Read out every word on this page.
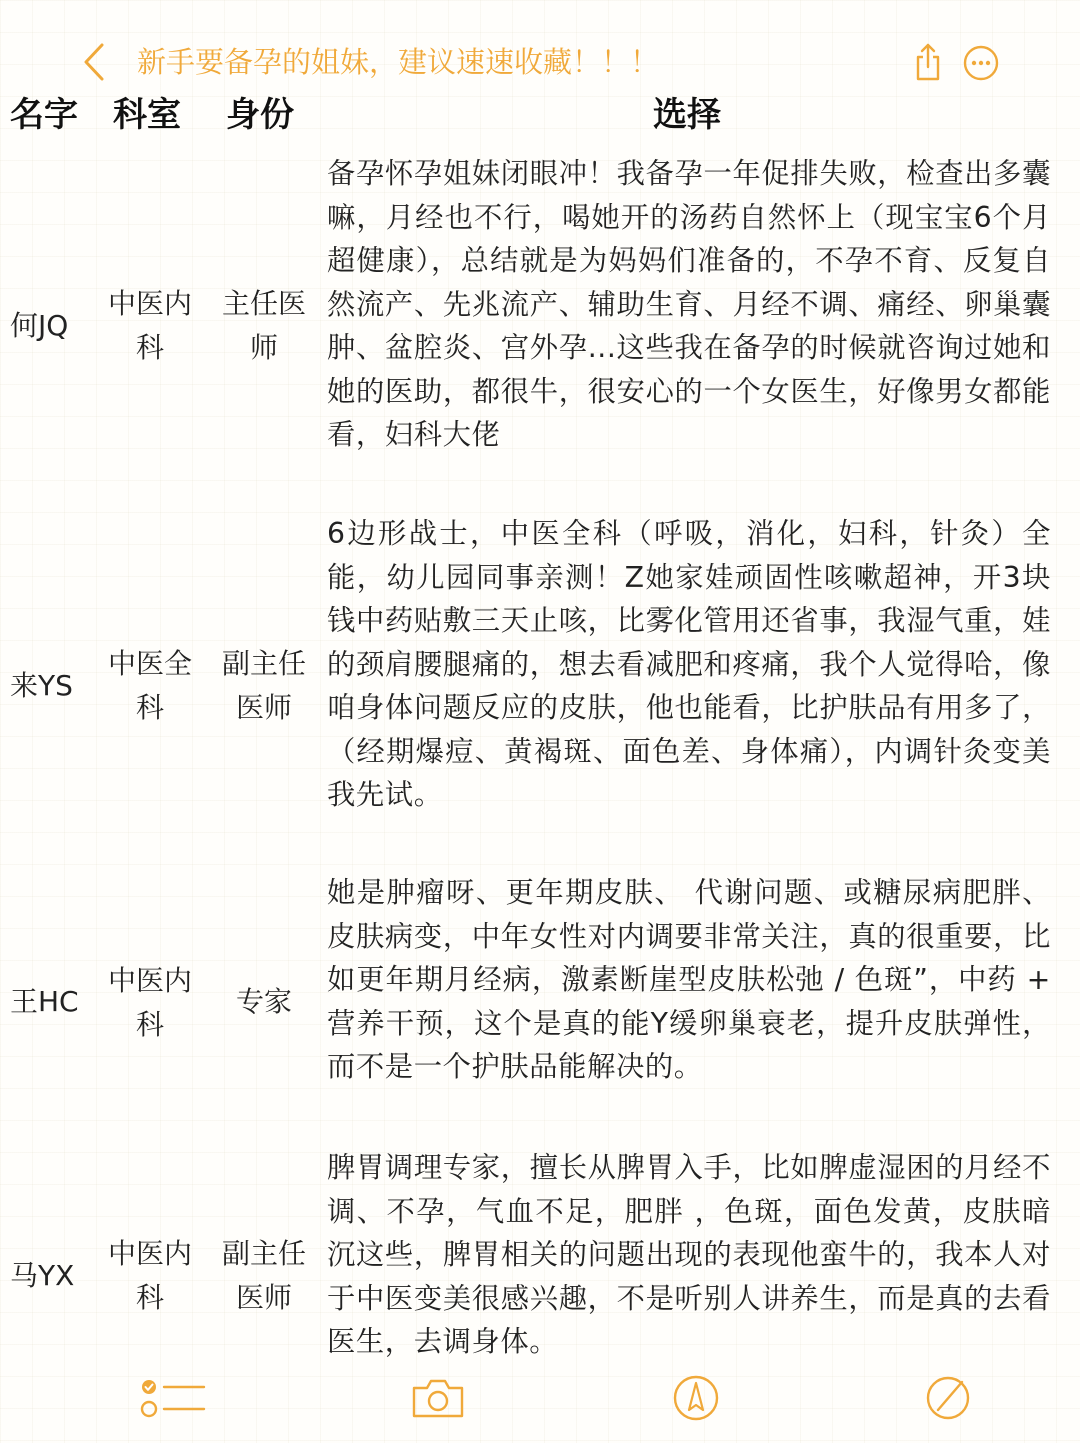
新手要备孕的姐妹，建议速速收藏！！！
名字 科室 身份	选择
何JQ
中医内科
主任医师
备孕怀孕姐妹闭眼冲！我备孕一年促排失败，检查出多囊嘛，月经也不行，喝她开的汤药自然怀上（现宝宝6个月超健康），总结就是为妈妈们准备的，不孕不育、反复自然流产、先兆流产、辅助生育、月经不调、痛经、卵巢囊肿、盆腔炎、宫外孕...这些我在备孕的时候就咨询过她和她的医助，都很牛，很安心的一个女医生，好像男女都能看，妇科大佬
来YS
中医全科
副主任医师
6边形战士，中医全科（呼吸，消化，妇科，针灸）全能，幼儿园同事亲测！Z她家娃顽固性咳嗽超神，开3块钱中药贴敷三天止咳，比雾化管用还省事，我湿气重，娃的颈肩腰腿痛的，想去看减肥和疼痛，我个人觉得哈，像咱身体问题反应的皮肤，他也能看，比护肤品有用多了，（经期爆痘、黄褐斑、面色差、身体痛），内调针灸变美我先试。
王HC
中医内科
专家
她是肿瘤呀、更年期皮肤、 代谢问题、或糖尿病肥胖、 皮肤病变，中年女性对内调要非常关注，真的很重要，比如更年期月经病，激素断崖型皮肤松弛 / 色斑”，中药 + 营养干预，这个是真的能Y缓卵巢衰老，提升皮肤弹性，而不是一个护肤品能解决的。
马YX
中医内科
副主任医师
脾胃调理专家，擅长从脾胃入手，比如脾虚湿困的月经不调、不孕，气血不足，肥胖 ，色斑，面色发黄，皮肤暗沉这些，脾胃相关的问题出现的表现他蛮牛的，我本人对于中医变美很感兴趣，不是听别人讲养生，而是真的去看医生，去调身体。
